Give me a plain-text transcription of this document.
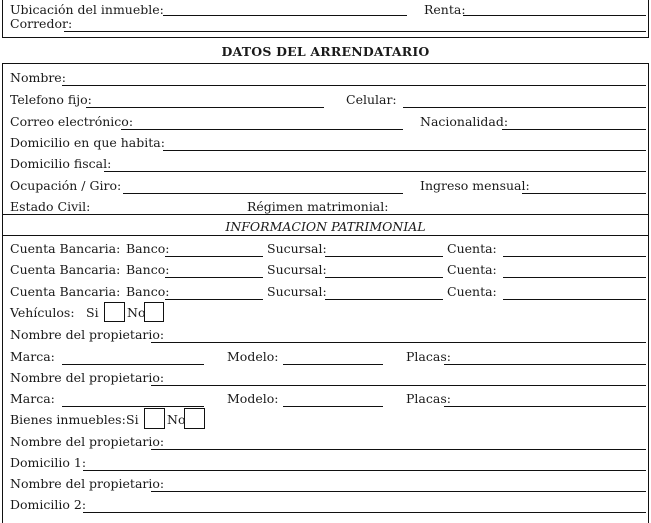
Ubicación del inmueble:	Renta:
Corredor:
DATOS DEL ARRENDATARIO
Nombre:
Telefono fijo:	Celular:
Correo electrónico:	Nacionalidad:
Domicilio en que habita:
Domicilio fiscal:
Ocupación / Giro:	Ingreso mensual:
Estado Civil:	Régimen matrimonial:
INFORMACION PATRIMONIAL
Cuenta Bancaria: Banco:	Sucursal:	Cuenta:
Cuenta Bancaria: Banco:	Sucursal:	Cuenta:
Cuenta Bancaria: Banco:	Sucursal:	Cuenta:
Vehículos: Si No
Nombre del propietario:
Marca:	Modelo:	Placas:
Nombre del propietario:
Marca:	Modelo:	Placas:
Bienes inmuebles: Si No
Nombre del propietario:
Domicilio 1:
Nombre del propietario:
Domicilio 2:
